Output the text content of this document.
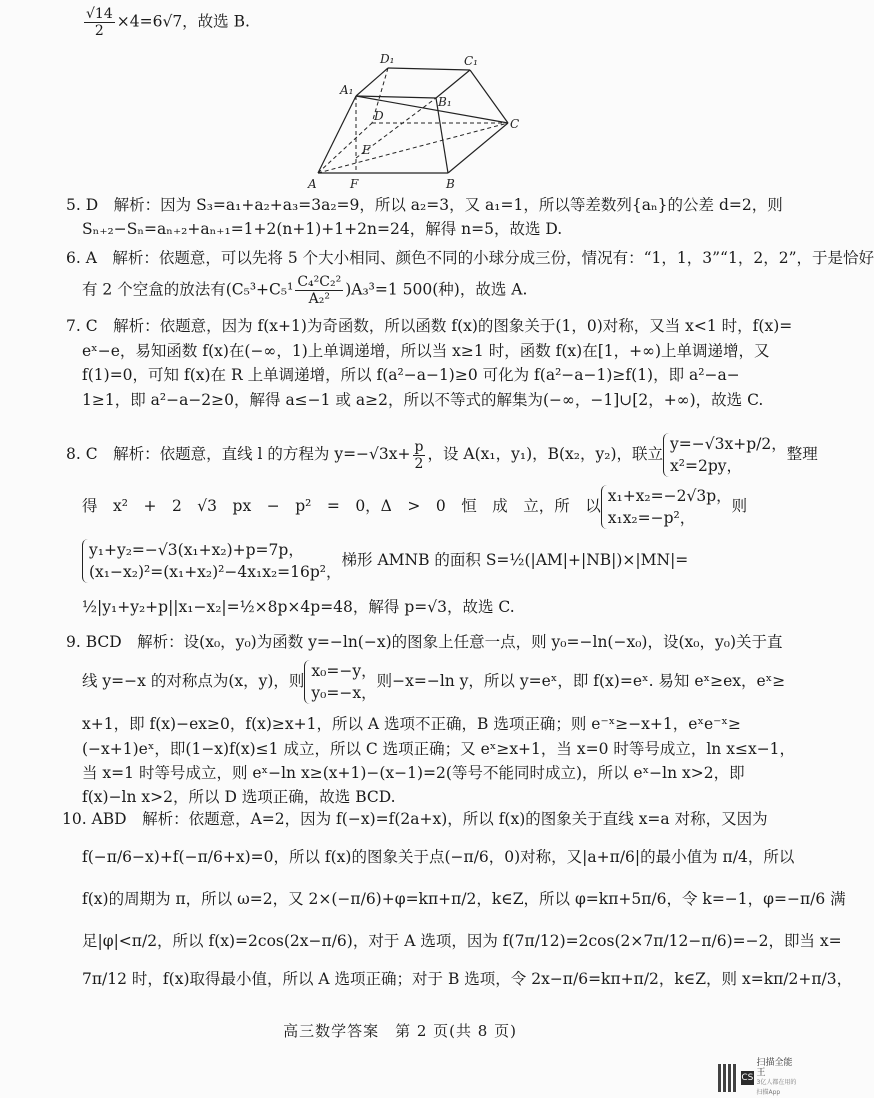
$\frac{√14}{2} \times 4=6√7$，故选 B.
D₁	C₁
A₁
B₁
D
C
E
A	F	B
5. D　解析：因为 S₃=a₁+a₂+a₃=3a₂=9，所以 a₂=3，又 a₁=1，所以等差数列{aₙ}的公差 d=2，则
Sₙ₊₂−Sₙ=aₙ₊₂+aₙ₊₁=1+2(n+1)+1+2n=24，解得 n=5，故选 D.
6. A　解析：依题意，可以先将 5 个大小相同、颜色不同的小球分成三份，情况有：“1，1，3”“1，2，2”，于是恰好
有 2 个空盒的放法有$(C_5^3+C_5^1 \frac{\text{C₄²C₂²}}{\text{A₂²}} )A_3^3=1$ 500(种)，故选 A.
7. C　解析：依题意，因为 f(x+1)为奇函数，所以函数 f(x)的图象关于(1，0)对称，又当 x<1 时，f(x)=
eˣ−e，易知函数 f(x)在(−∞，1)上单调递增，所以当 x≥1 时，函数 f(x)在[1，+∞)上单调递增，又
f(1)=0，可知 f(x)在 R 上单调递增，所以 f(a²−a−1)≥0 可化为 f(a²−a−1)≥f(1)，即 a²−a−
1≥1，即 a²−a−2≥0，解得 a≤−1 或 a≥2，所以不等式的解集为(−∞，−1]∪[2，+∞)，故选 C.
8. C　解析：依题意，直线 l 的方程为 $y=-√3x+ \frac{p}{2}$ ，设 A(x₁，y₁)，B(x₂，y₂)，联立
y=−√3x+p/2，
x²=2py，
整理
得　x²　+　2　√3　px　−　p²　=　0，Δ　>　0　恒　成　立，所　以
x₁+x₂=−2√3p，
x₁x₂=−p²，
则
y₁+y₂=−√3(x₁+x₂)+p=7p，
(x₁−x₂)²=(x₁+x₂)²−4x₁x₂=16p²，
梯形 AMNB 的面积 S=½(|AM|+|NB|)×|MN|=
½|y₁+y₂+p||x₁−x₂|=½×8p×4p=48，解得 p=√3，故选 C.
9. BCD　解析：设(x₀，y₀)为函数 y=−ln(−x)的图象上任意一点，则 y₀=−ln(−x₀)，设(x₀，y₀)关于直
线 y=−x 的对称点为(x，y)，则
x₀=−y，
y₀=−x，
则−x=−ln y，所以 y=eˣ，即 f(x)=eˣ. 易知 eˣ≥ex，eˣ≥
x+1，即 f(x)−ex≥0，f(x)≥x+1，所以 A 选项不正确，B 选项正确；则 e⁻ˣ≥−x+1，eˣe⁻ˣ≥
(−x+1)eˣ，即(1−x)f(x)≤1 成立，所以 C 选项正确；又 eˣ≥x+1，当 x=0 时等号成立，ln x≤x−1，
当 x=1 时等号成立，则 eˣ−ln x≥(x+1)−(x−1)=2(等号不能同时成立)，所以 eˣ−ln x>2，即
f(x)−ln x>2，所以 D 选项正确，故选 BCD.
10. ABD　解析：依题意，A=2，因为 f(−x)=f(2a+x)，所以 f(x)的图象关于直线 x=a 对称，又因为
f(−π/6−x)+f(−π/6+x)=0，所以 f(x)的图象关于点(−π/6，0)对称，又|a+π/6|的最小值为 π/4，所以
f(x)的周期为 π，所以 ω=2，又 2×(−π/6)+φ=kπ+π/2，k∈Z，所以 φ=kπ+5π/6，令 k=−1，φ=−π/6 满
足|φ|<π/2，所以 f(x)=2cos(2x−π/6)，对于 A 选项，因为 f(7π/12)=2cos(2×7π/12−π/6)=−2，即当 x=
7π/12 时，f(x)取得最小值，所以 A 选项正确；对于 B 选项，令 2x−π/6=kπ+π/2，k∈Z，则 x=kπ/2+π/3，
高三数学答案　第 2 页(共 8 页)
CS
扫描全能王
3亿人都在用的扫描App
